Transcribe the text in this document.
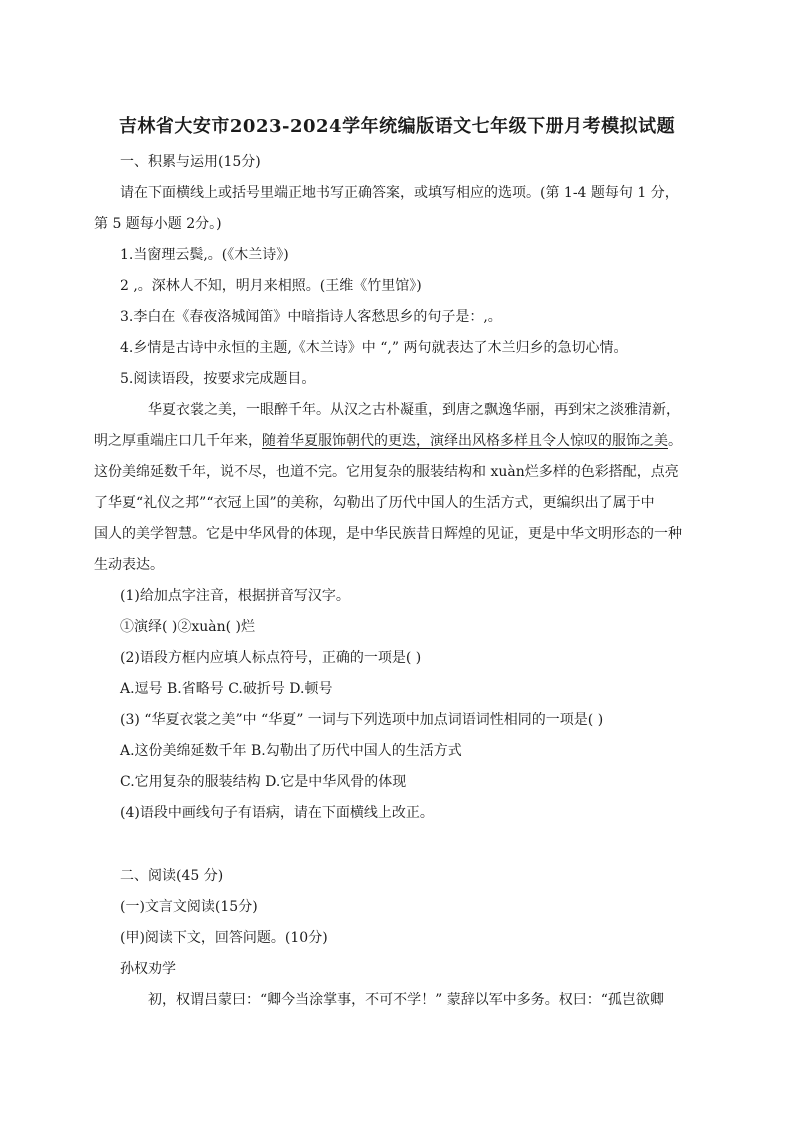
吉林省大安市2023-2024学年统编版语文七年级下册月考模拟试题
一、积累与运用(15分)
请在下面横线上或括号里端正地书写正确答案，或填写相应的选项。(第 1-4 题每句 1 分，
第 5 题每小题 2分。)
1.当窗理云鬓,。(《木兰诗》)
2 ,。深林人不知，明月来相照。(王维《竹里馆》)
3.李白在《春夜洛城闻笛》中暗指诗人客愁思乡的句子是：,。
4.乡情是古诗中永恒的主题,《木兰诗》中 “,” 两句就表达了木兰归乡的急切心情。
5.阅读语段，按要求完成题目。
华夏衣裳之美，一眼醉千年。从汉之古朴凝重，到唐之飘逸华丽，再到宋之淡雅清新，
明之厚重端庄口几千年来，随着华夏服饰朝代的更迭，演绎出风格多样且令人惊叹的服饰之美。
这份美绵延数千年，说不尽，也道不完。它用复杂的服装结构和 xuàn烂多样的色彩搭配，点亮
了华夏“礼仪之邦”“衣冠上国”的美称，勾勒出了历代中国人的生活方式，更编织出了属于中
国人的美学智慧。它是中华风骨的体现，是中华民族昔日辉煌的见证，更是中华文明形态的一种
生动表达。
(1)给加点字注音，根据拼音写汉字。
①演绎( )②xuàn( )烂
(2)语段方框内应填人标点符号，正确的一项是( )
A.逗号 B.省略号 C.破折号 D.顿号
(3) “华夏衣裳之美”中 “华夏” 一词与下列选项中加点词语词性相同的一项是( )
A.这份美绵延数千年 B.勾勒出了历代中国人的生活方式
C.它用复杂的服装结构 D.它是中华风骨的体现
(4)语段中画线句子有语病，请在下面横线上改正。
二、阅读(45 分)
(一)文言文阅读(15分)
(甲)阅读下文，回答问题。(10分)
孙权劝学
初，权谓吕蒙曰：“卿今当涂掌事，不可不学！” 蒙辞以军中多务。权曰：“孤岂欲卿
